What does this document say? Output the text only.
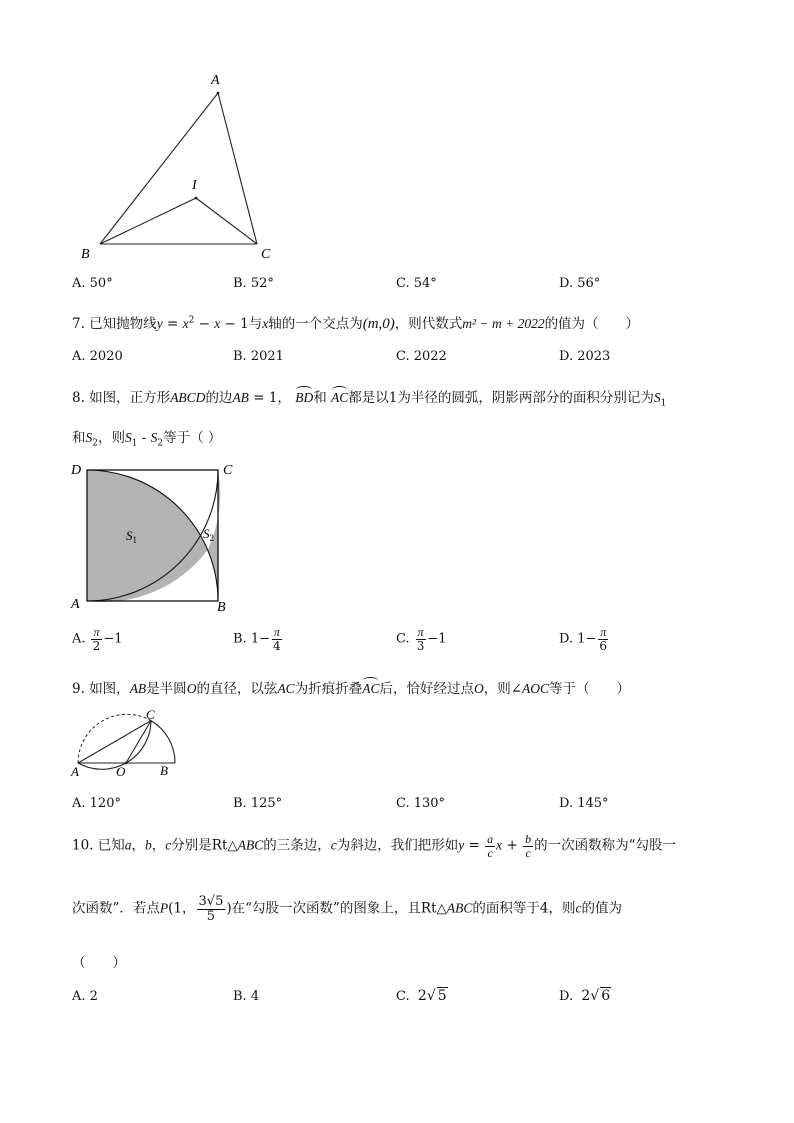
A
I
B	C
A. 50°	B. 52°	C. 54°	D. 56°
7. 已知抛物线$y = x^2 - x - 1$与x轴的一个交点为(m,0)，则代数式m² − m + 2022的值为（　　）
A. 2020	B. 2021	C. 2022	D. 2023
8. 如图，正方形ABCD的边AB = 1， BD和 AC都是以1为半径的圆弧，阴影两部分的面积分别记为$S_1$
和$S_2$，则$S_1 - S_2$等于（ ）
D	C
A	B
$S_1$	$S_2$
A. $\frac{\pi}{2} -1$	B. $1- \frac{\pi}{4}$	C. $\frac{\pi}{3} -1$	D. $1- \frac{\pi}{6}$
9. 如图，AB是半圆O的直径，以弦AC为折痕折叠AC后，恰好经过点O，则∠AOC等于（　　）
C
A	O	B
A. 120°	B. 125°	C. 130°	D. 145°
10. 已知a，b，c分别是Rt△ABC的三条边，c为斜边，我们把形如$y = \frac{a}{c}$ $x + \frac{b}{c}$ 的一次函数称为“勾股一
次函数”．若点P(1， $\frac{3√5}{5}$ )在“勾股一次函数”的图象上，且Rt△ABC的面积等于4，则c的值为
（　　）
A. 2	B. 4	C. 2√ 5	D. 2√ 6
